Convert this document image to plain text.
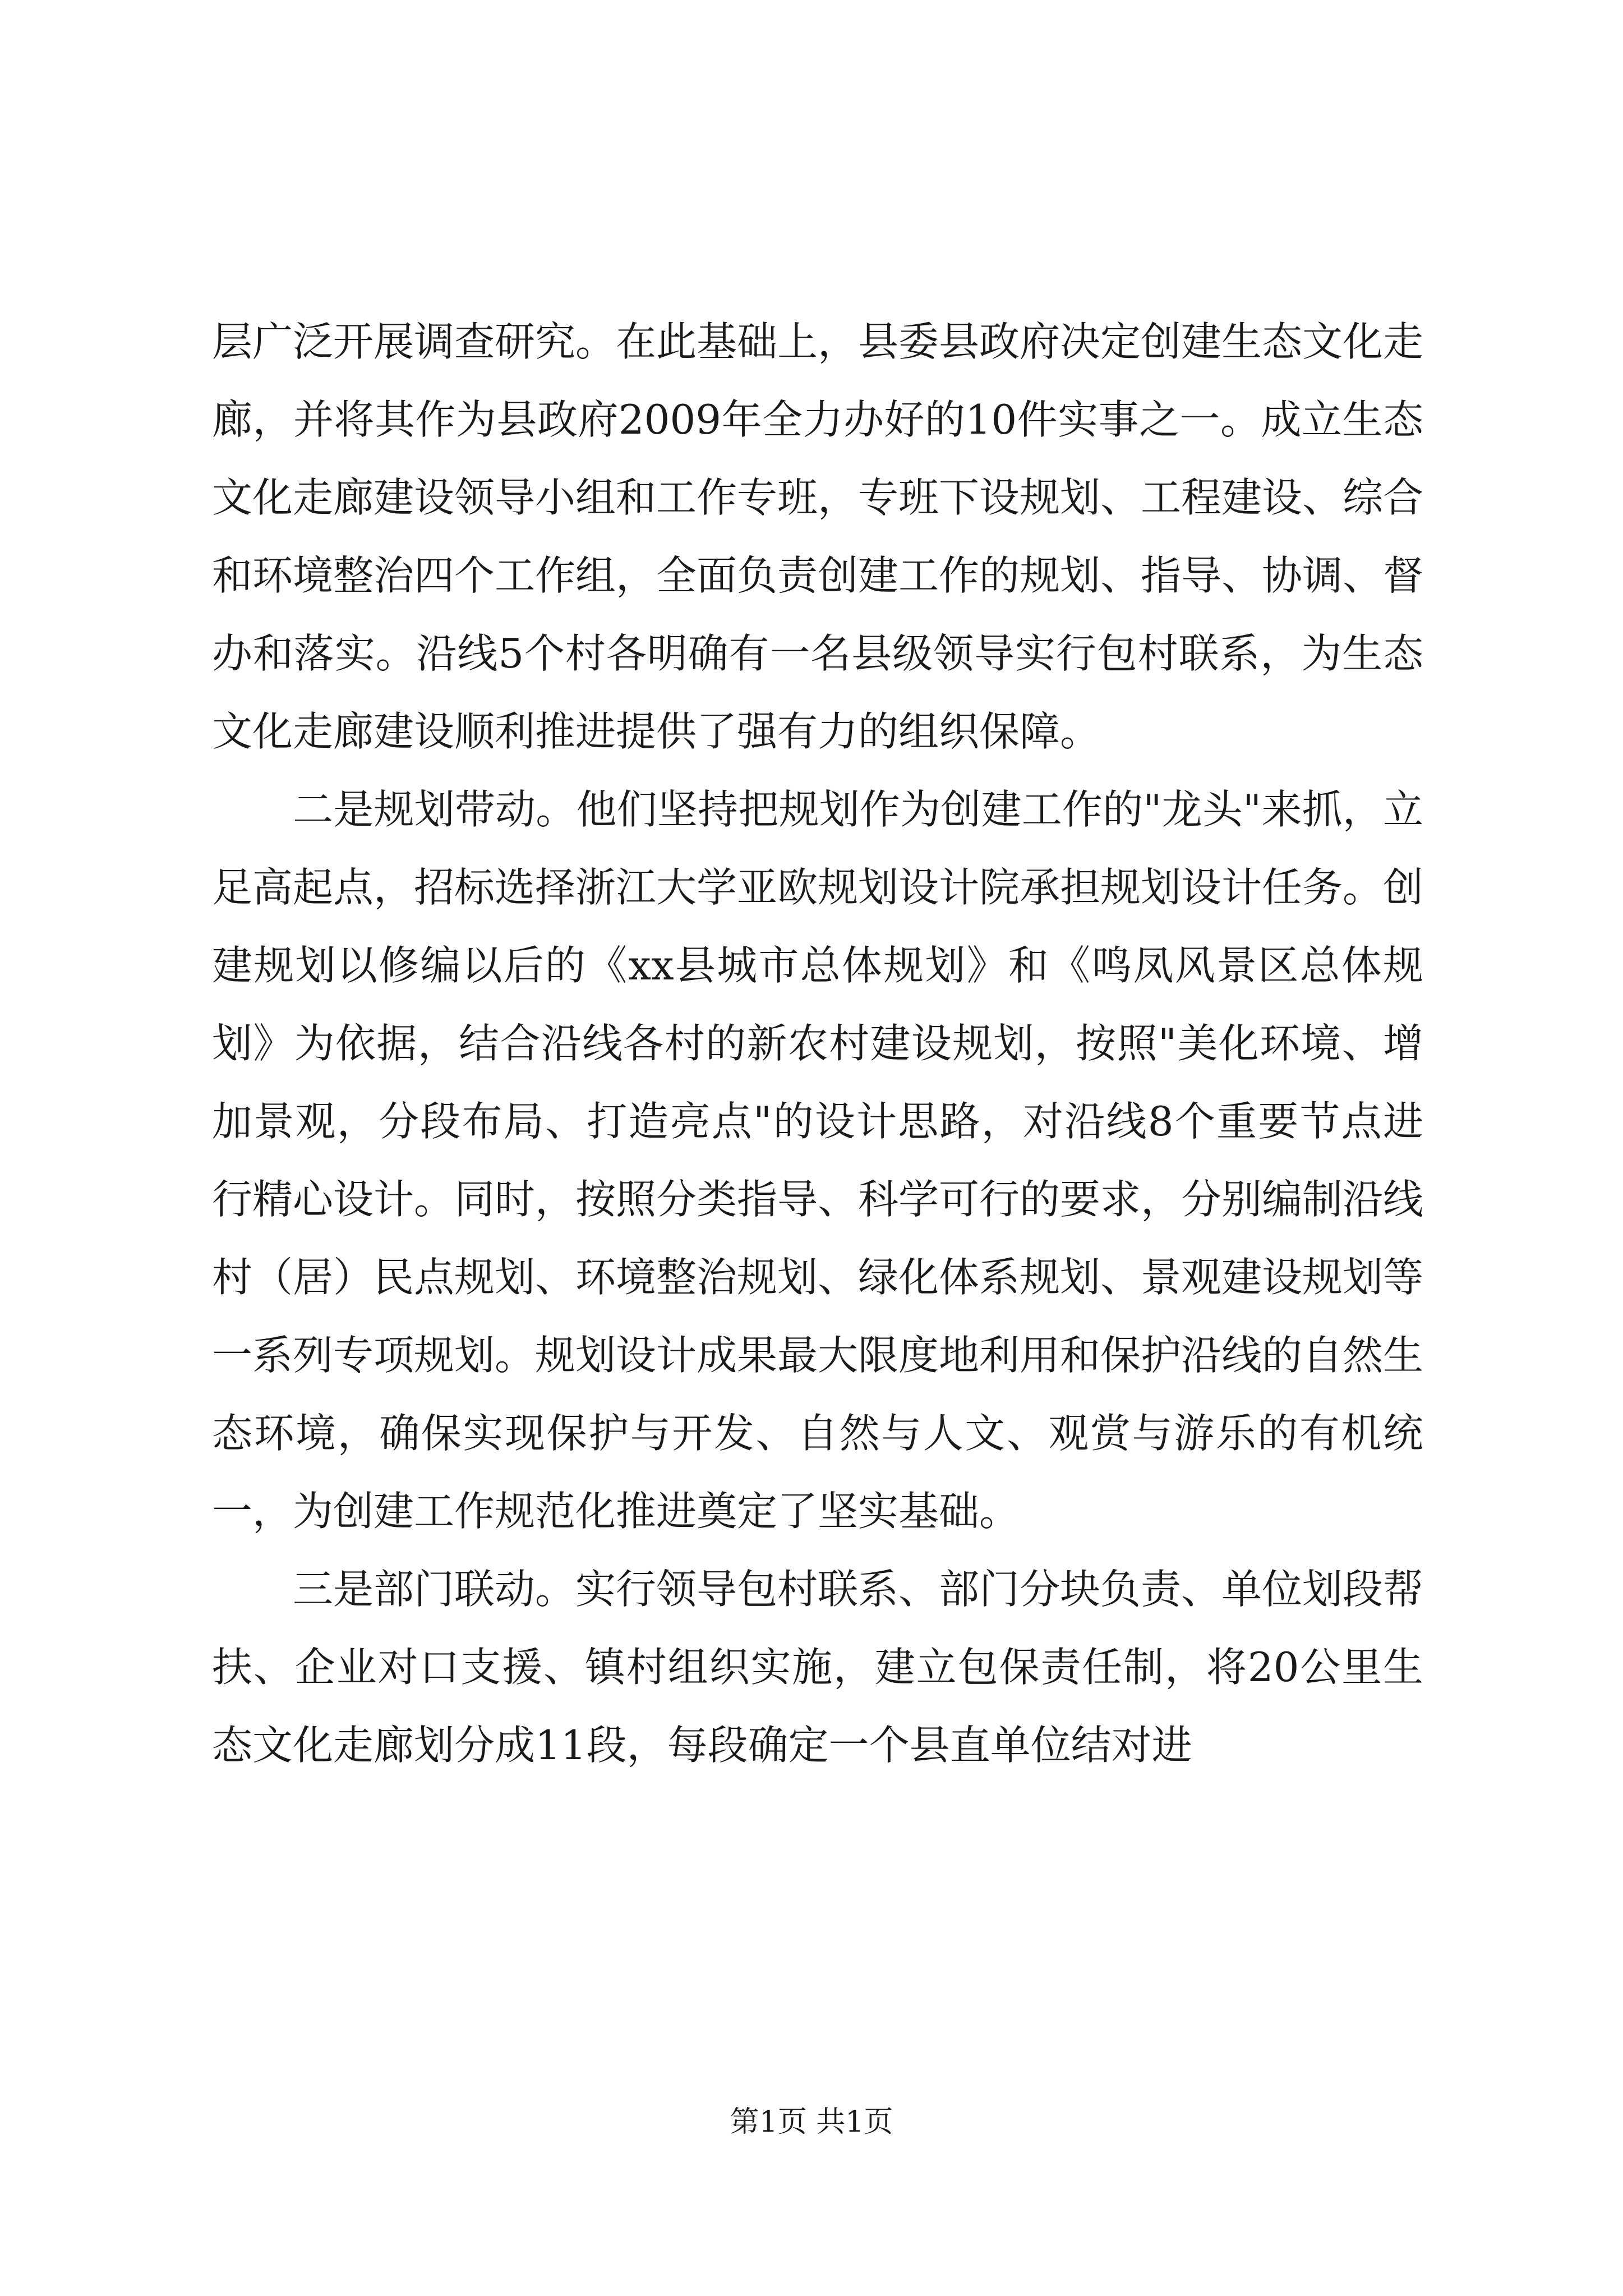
层广泛开展调查研究。在此基础上，县委县政府决定创建生态文化走廊，并将其作为县政府2009年全力办好的10件实事之一。成立生态文化走廊建设领导小组和工作专班，专班下设规划、工程建设、综合和环境整治四个工作组，全面负责创建工作的规划、指导、协调、督办和落实。沿线5个村各明确有一名县级领导实行包村联系，为生态文化走廊建设顺利推进提供了强有力的组织保障。

二是规划带动。他们坚持把规划作为创建工作的"龙头"来抓，立足高起点，招标选择浙江大学亚欧规划设计院承担规划设计任务。创建规划以修编以后的《xx县城市总体规划》和《鸣凤风景区总体规划》为依据，结合沿线各村的新农村建设规划，按照"美化环境、增加景观，分段布局、打造亮点"的设计思路，对沿线8个重要节点进行精心设计。同时，按照分类指导、科学可行的要求，分别编制沿线村（居）民点规划、环境整治规划、绿化体系规划、景观建设规划等一系列专项规划。规划设计成果最大限度地利用和保护沿线的自然生态环境，确保实现保护与开发、自然与人文、观赏与游乐的有机统一，为创建工作规范化推进奠定了坚实基础。

三是部门联动。实行领导包村联系、部门分块负责、单位划段帮扶、企业对口支援、镇村组织实施，建立包保责任制，将20公里生态文化走廊划分成11段，每段确定一个县直单位结对进

第1页 共1页
